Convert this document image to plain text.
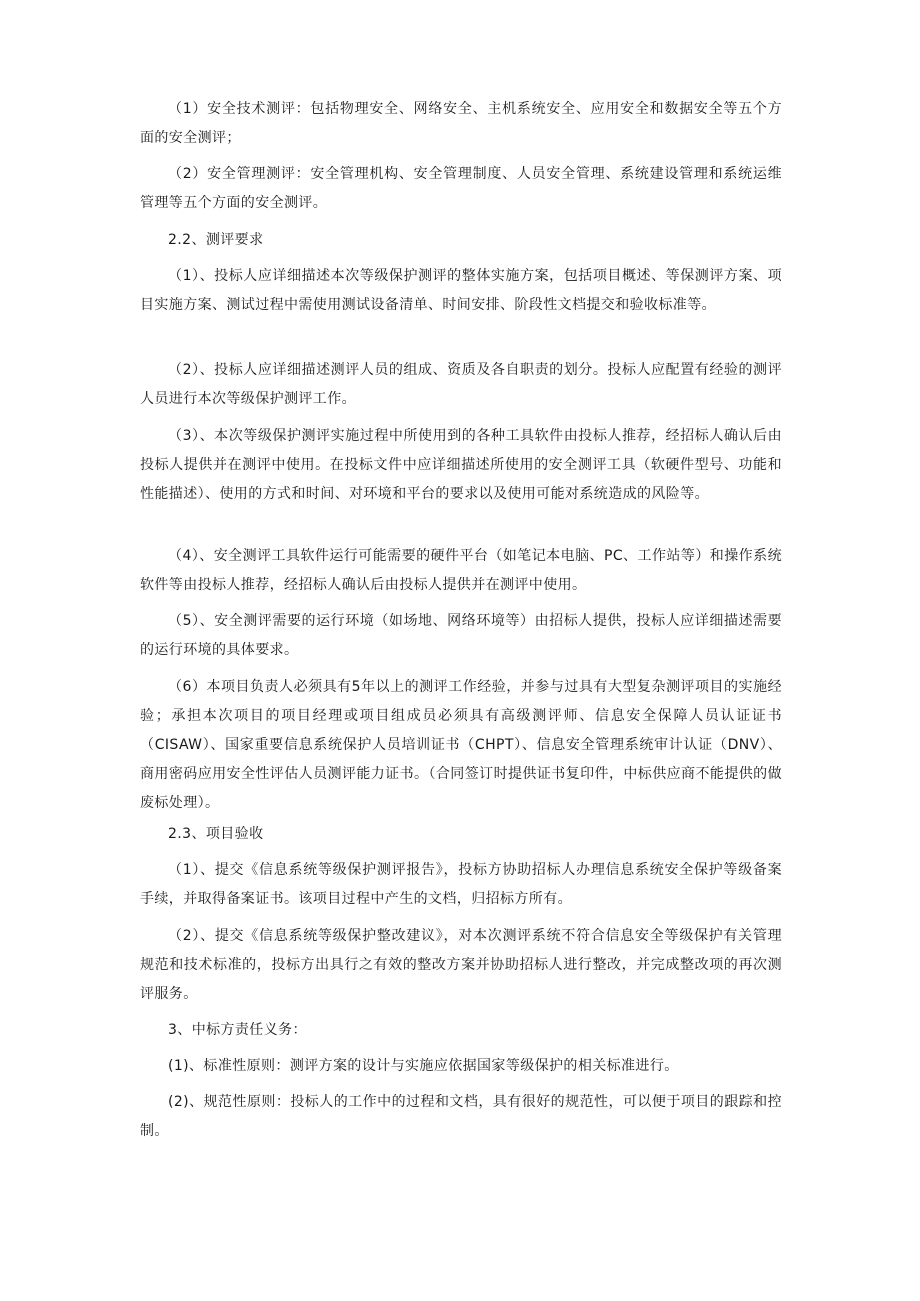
（1）安全技术测评：包括物理安全、网络安全、主机系统安全、应用安全和数据安全等五个方面的安全测评；

（2）安全管理测评：安全管理机构、安全管理制度、人员安全管理、系统建设管理和系统运维管理等五个方面的安全测评。

2.2、测评要求

（1）、投标人应详细描述本次等级保护测评的整体实施方案，包括项目概述、等保测评方案、项目实施方案、测试过程中需使用测试设备清单、时间安排、阶段性文档提交和验收标准等。

（2）、投标人应详细描述测评人员的组成、资质及各自职责的划分。投标人应配置有经验的测评人员进行本次等级保护测评工作。

（3）、本次等级保护测评实施过程中所使用到的各种工具软件由投标人推荐，经招标人确认后由投标人提供并在测评中使用。在投标文件中应详细描述所使用的安全测评工具（软硬件型号、功能和性能描述）、使用的方式和时间、对环境和平台的要求以及使用可能对系统造成的风险等。

（4）、安全测评工具软件运行可能需要的硬件平台（如笔记本电脑、PC、工作站等）和操作系统软件等由投标人推荐，经招标人确认后由投标人提供并在测评中使用。

（5）、安全测评需要的运行环境（如场地、网络环境等）由招标人提供，投标人应详细描述需要的运行环境的具体要求。

（6）本项目负责人必须具有5年以上的测评工作经验，并参与过具有大型复杂测评项目的实施经验；承担本次项目的项目经理或项目组成员必须具有高级测评师、信息安全保障人员认证证书（CISAW）、国家重要信息系统保护人员培训证书（CHPT）、信息安全管理系统审计认证（DNV）、商用密码应用安全性评估人员测评能力证书。（合同签订时提供证书复印件，中标供应商不能提供的做废标处理）。

2.3、项目验收

（1）、提交《信息系统等级保护测评报告》，投标方协助招标人办理信息系统安全保护等级备案手续，并取得备案证书。该项目过程中产生的文档，归招标方所有。

（2）、提交《信息系统等级保护整改建议》，对本次测评系统不符合信息安全等级保护有关管理规范和技术标准的，投标方出具行之有效的整改方案并协助招标人进行整改，并完成整改项的再次测评服务。

3、中标方责任义务：

(1)、标准性原则：测评方案的设计与实施应依据国家等级保护的相关标准进行。

(2)、规范性原则：投标人的工作中的过程和文档，具有很好的规范性，可以便于项目的跟踪和控制。
